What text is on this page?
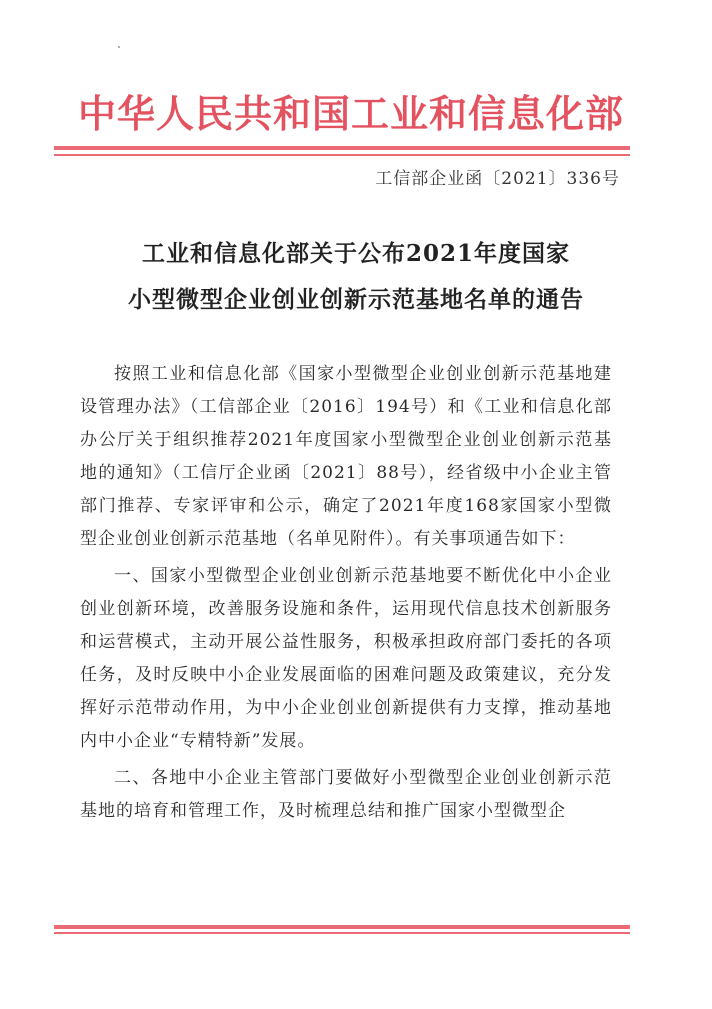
中华人民共和国工业和信息化部
工信部企业函〔2021〕336号
工业和信息化部关于公布2021年度国家
小型微型企业创业创新示范基地名单的通告

按照工业和信息化部《国家小型微型企业创业创新示范基地建设管理办法》（工信部企业〔2016〕194号）和《工业和信息化部办公厅关于组织推荐2021年度国家小型微型企业创业创新示范基地的通知》（工信厅企业函〔2021〕88号），经省级中小企业主管部门推荐、专家评审和公示，确定了2021年度168家国家小型微型企业创业创新示范基地（名单见附件）。有关事项通告如下：

一、国家小型微型企业创业创新示范基地要不断优化中小企业创业创新环境，改善服务设施和条件，运用现代信息技术创新服务和运营模式，主动开展公益性服务，积极承担政府部门委托的各项任务，及时反映中小企业发展面临的困难问题及政策建议，充分发挥好示范带动作用，为中小企业创业创新提供有力支撑，推动基地内中小企业“专精特新”发展。

二、各地中小企业主管部门要做好小型微型企业创业创新示范基地的培育和管理工作，及时梳理总结和推广国家小型微型企
